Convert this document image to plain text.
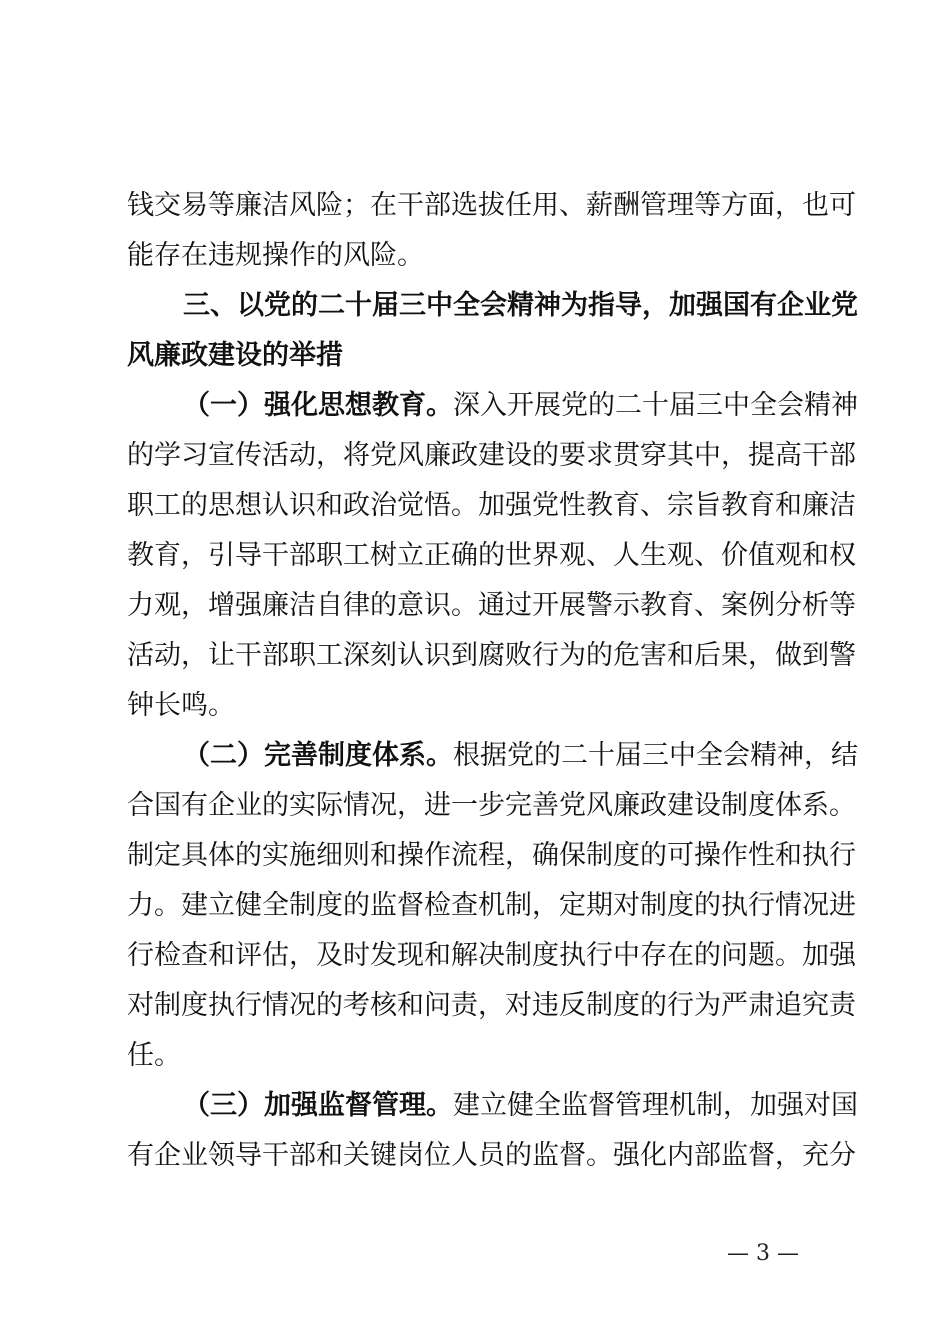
钱交易等廉洁风险；在干部选拔任用、薪酬管理等方面，也可
能存在违规操作的风险。
三、以党的二十届三中全会精神为指导，加强国有企业党
风廉政建设的举措
（一）强化思想教育。深入开展党的二十届三中全会精神
的学习宣传活动，将党风廉政建设的要求贯穿其中，提高干部
职工的思想认识和政治觉悟。加强党性教育、宗旨教育和廉洁
教育，引导干部职工树立正确的世界观、人生观、价值观和权
力观，增强廉洁自律的意识。通过开展警示教育、案例分析等
活动，让干部职工深刻认识到腐败行为的危害和后果，做到警
钟长鸣。
（二）完善制度体系。根据党的二十届三中全会精神，结
合国有企业的实际情况，进一步完善党风廉政建设制度体系。
制定具体的实施细则和操作流程，确保制度的可操作性和执行
力。建立健全制度的监督检查机制，定期对制度的执行情况进
行检查和评估，及时发现和解决制度执行中存在的问题。加强
对制度执行情况的考核和问责，对违反制度的行为严肃追究责
任。
（三）加强监督管理。建立健全监督管理机制，加强对国
有企业领导干部和关键岗位人员的监督。强化内部监督，充分
— 3 —
